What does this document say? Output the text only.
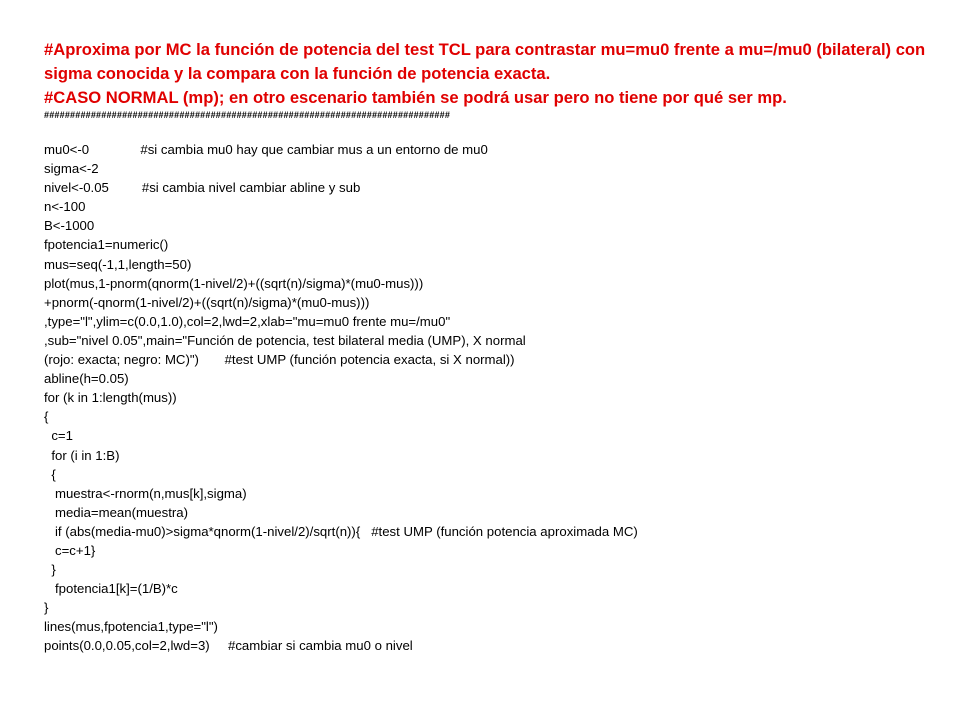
#Aproxima por MC la función de potencia del test TCL para contrastar mu=mu0 frente a mu=/mu0 (bilateral) con
sigma conocida y la compara con la función de potencia exacta.
#CASO NORMAL (mp); en otro escenario también se podrá usar pero no tiene por qué ser mp.
##############################################################################
mu0<-0              #si cambia mu0 hay que cambiar mus a un entorno de mu0
sigma<-2
nivel<-0.05         #si cambia nivel cambiar abline y sub
n<-100
B<-1000
fpotencia1=numeric()
mus=seq(-1,1,length=50)
plot(mus,1-pnorm(qnorm(1-nivel/2)+((sqrt(n)/sigma)*(mu0-mus)))
+pnorm(-qnorm(1-nivel/2)+((sqrt(n)/sigma)*(mu0-mus)))
,type="l",ylim=c(0.0,1.0),col=2,lwd=2,xlab="mu=mu0 frente mu=/mu0"
,sub="nivel 0.05",main="Función de potencia, test bilateral media (UMP), X normal
(rojo: exacta; negro: MC)")       #test UMP (función potencia exacta, si X normal))
abline(h=0.05)
for (k in 1:length(mus))
{
c=1
for (i in 1:B)
{
muestra<-rnorm(n,mus[k],sigma)
media=mean(muestra)
if (abs(media-mu0)>sigma*qnorm(1-nivel/2)/sqrt(n)){   #test UMP (función potencia aproximada MC)
c=c+1}
}
fpotencia1[k]=(1/B)*c
}
lines(mus,fpotencia1,type="l")
points(0.0,0.05,col=2,lwd=3)     #cambiar si cambia mu0 o nivel
